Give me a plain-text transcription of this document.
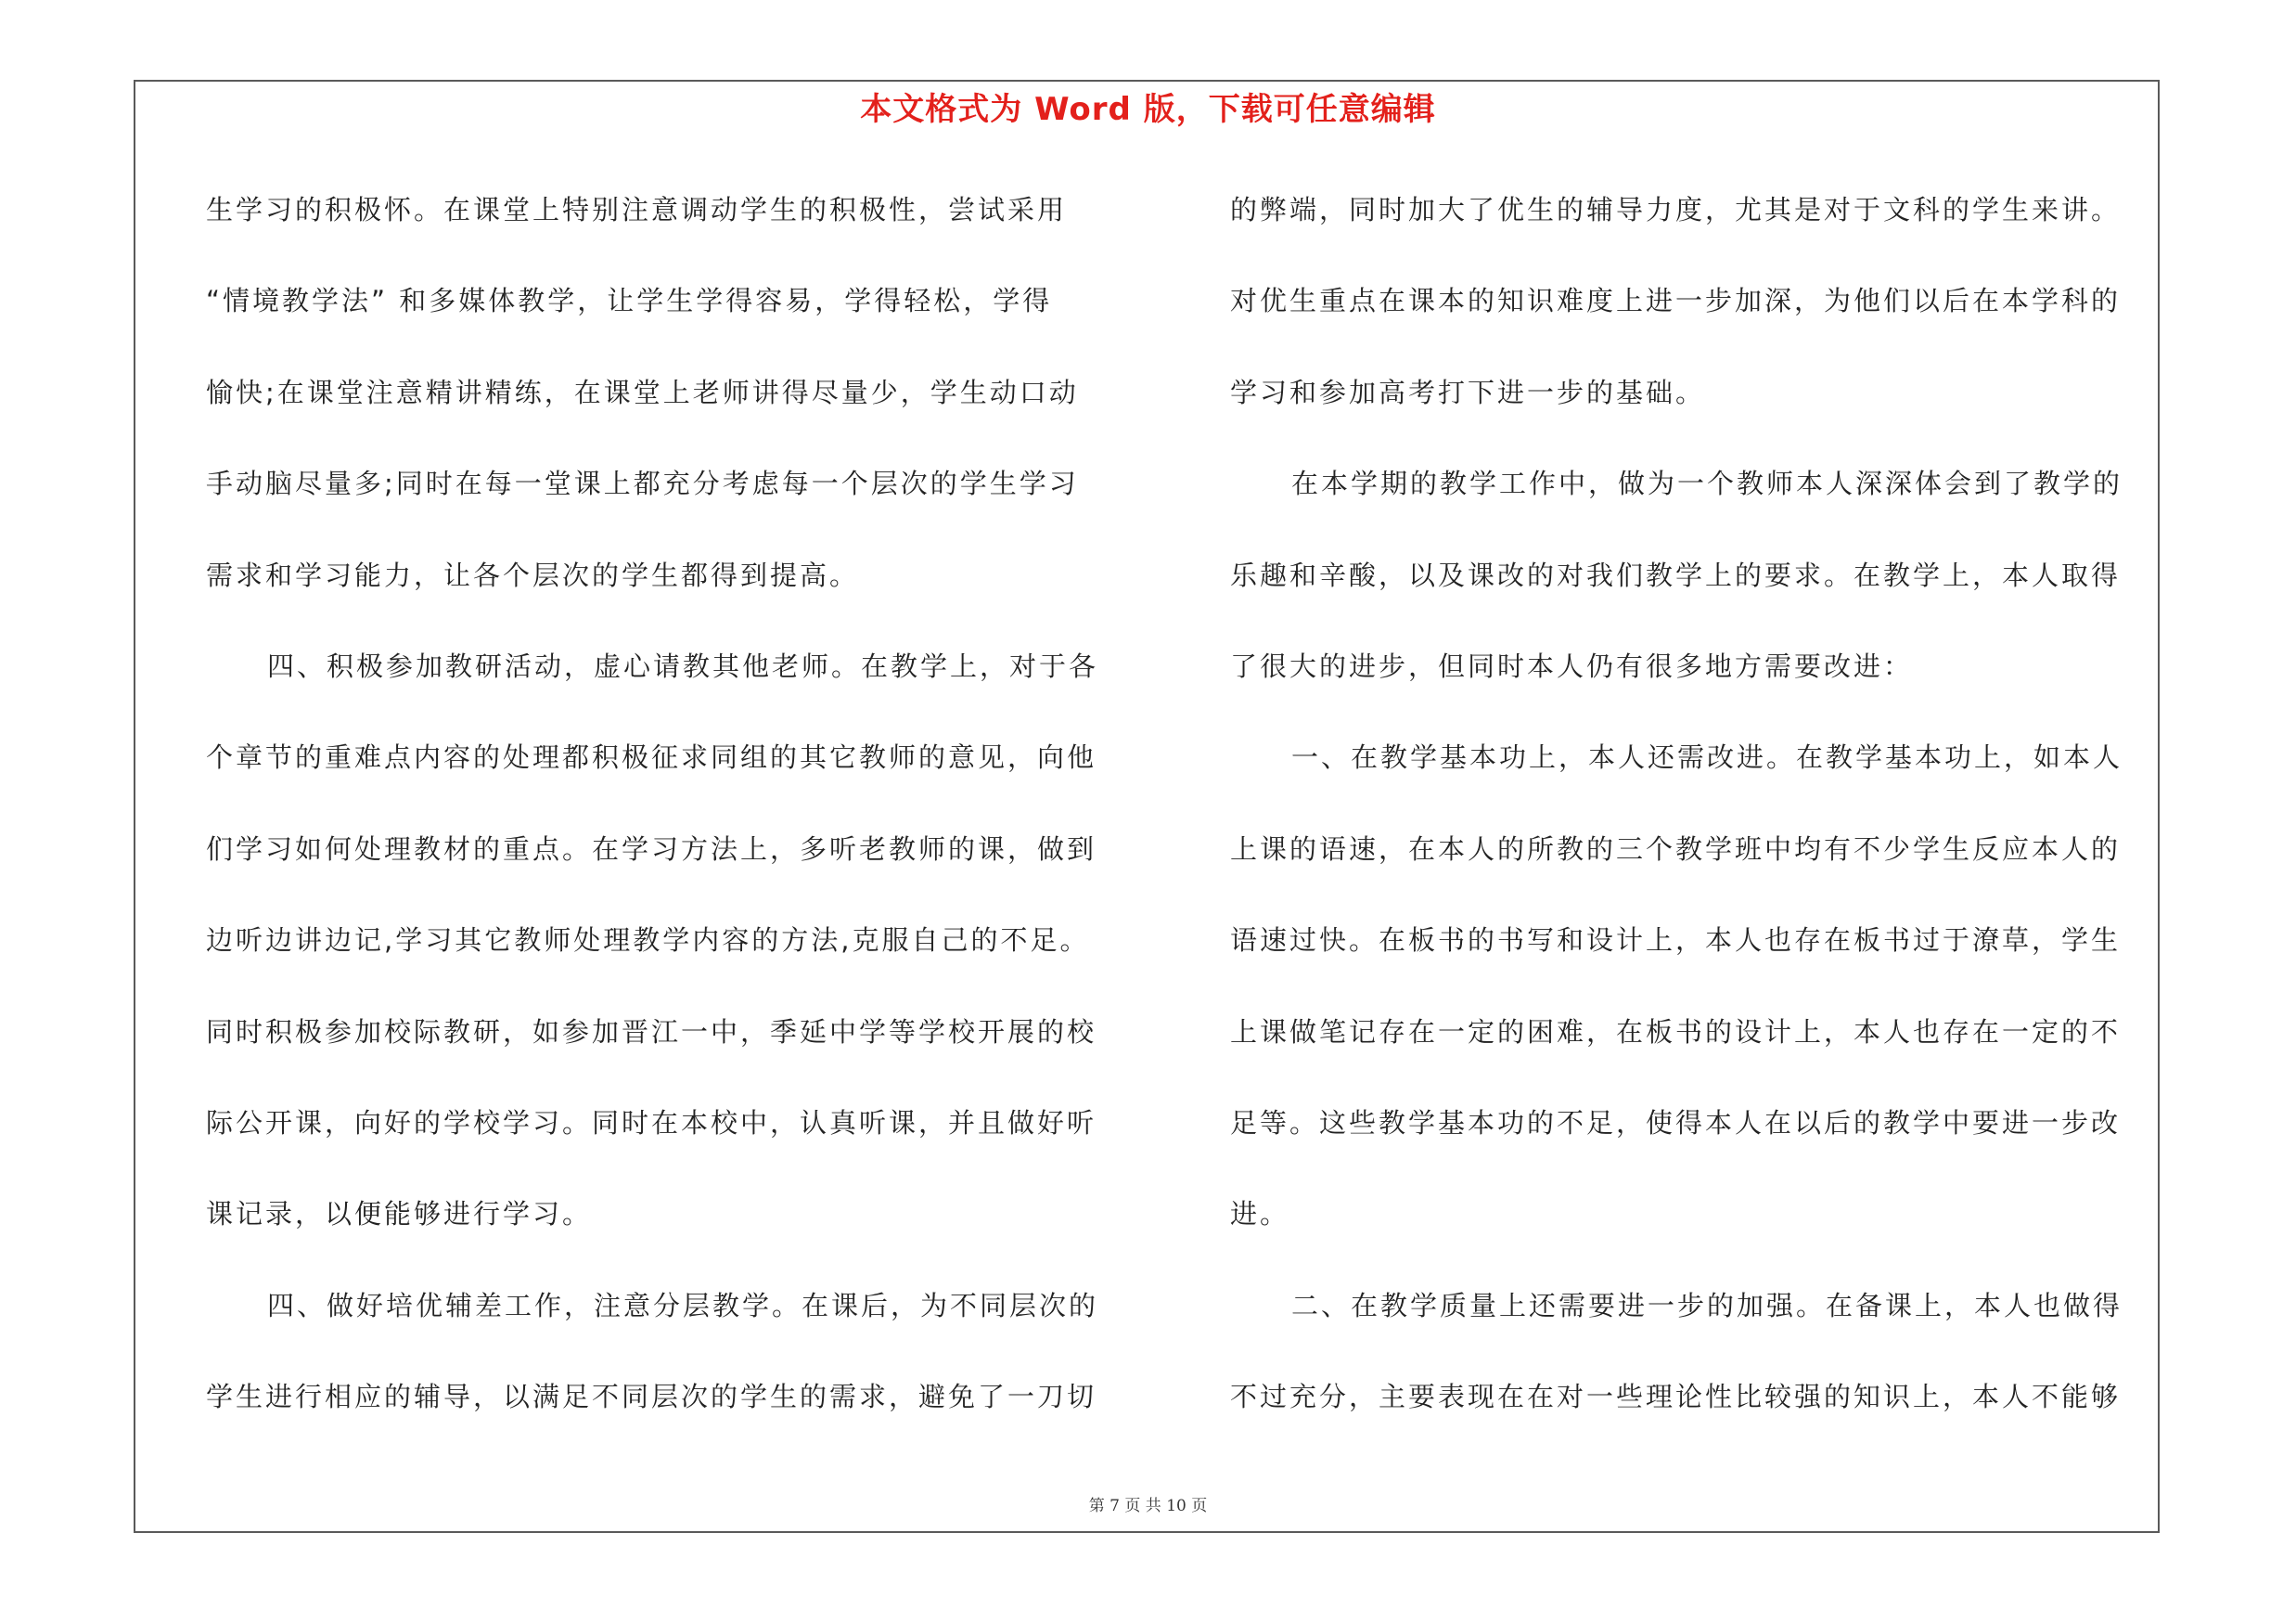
本文格式为 Word 版，下载可任意编辑
生学习的积极怀。在课堂上特别注意调动学生的积极性，尝试采用
“情境教学法” 和多媒体教学，让学生学得容易，学得轻松，学得
愉快;在课堂注意精讲精练，在课堂上老师讲得尽量少，学生动口动
手动脑尽量多;同时在每一堂课上都充分考虑每一个层次的学生学习
需求和学习能力，让各个层次的学生都得到提高。
四、积极参加教研活动，虚心请教其他老师。在教学上，对于各
个章节的重难点内容的处理都积极征求同组的其它教师的意见，向他
们学习如何处理教材的重点。在学习方法上，多听老教师的课，做到
边听边讲边记,学习其它教师处理教学内容的方法,克服自己的不足。
同时积极参加校际教研，如参加晋江一中，季延中学等学校开展的校
际公开课，向好的学校学习。同时在本校中，认真听课，并且做好听
课记录，以便能够进行学习。
四、做好培优辅差工作，注意分层教学。在课后，为不同层次的
学生进行相应的辅导，以满足不同层次的学生的需求，避免了一刀切
的弊端，同时加大了优生的辅导力度，尤其是对于文科的学生来讲。
对优生重点在课本的知识难度上进一步加深，为他们以后在本学科的
学习和参加高考打下进一步的基础。
在本学期的教学工作中，做为一个教师本人深深体会到了教学的
乐趣和辛酸，以及课改的对我们教学上的要求。在教学上，本人取得
了很大的进步，但同时本人仍有很多地方需要改进：
一、在教学基本功上，本人还需改进。在教学基本功上，如本人
上课的语速，在本人的所教的三个教学班中均有不少学生反应本人的
语速过快。在板书的书写和设计上，本人也存在板书过于潦草，学生
上课做笔记存在一定的困难，在板书的设计上，本人也存在一定的不
足等。这些教学基本功的不足，使得本人在以后的教学中要进一步改
进。
二、在教学质量上还需要进一步的加强。在备课上，本人也做得
不过充分，主要表现在在对一些理论性比较强的知识上，本人不能够
第 7 页 共 10 页
